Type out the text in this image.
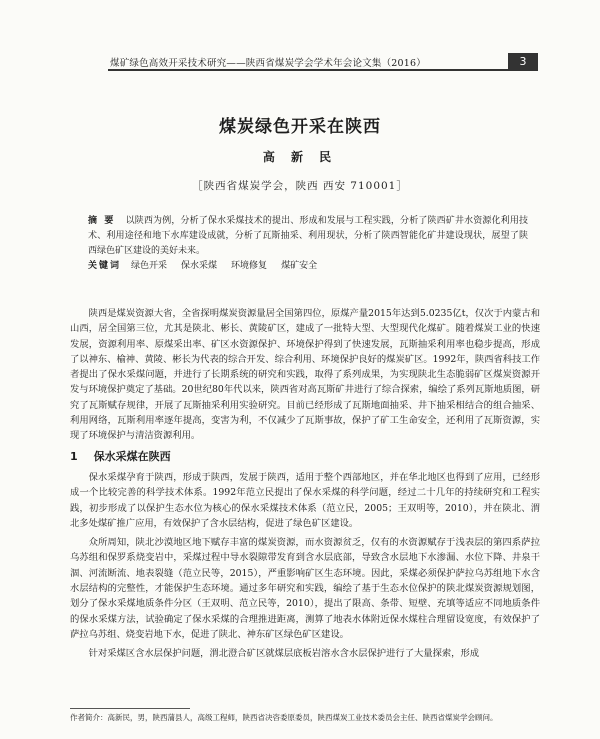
煤矿绿色高效开采技术研究——陕西省煤炭学会学术年会论文集（2016）	3
煤炭绿色开采在陕西
高 新 民
［陕西省煤炭学会，陕西 西安 710001］
摘 要 以陕西为例，分析了保水采煤技术的提出、形成和发展与工程实践，分析了陕西矿井水资源化利用技术、利用途径和地下水库建设成就，分析了瓦斯抽采、利用现状，分析了陕西智能化矿井建设现状，展望了陕西绿色矿区建设的美好未来。
关键词 绿色开采 保水采煤 环境修复 煤矿安全

陕西是煤炭资源大省，全省探明煤炭资源量居全国第四位，原煤产量2015年达到5.0235亿t，仅次于内蒙古和山西，居全国第三位，尤其是陕北、彬长、黄陵矿区，建成了一批特大型、大型现代化煤矿。随着煤炭工业的快速发展，资源利用率、原煤采出率、矿区水资源保护、环境保护得到了快速发展，瓦斯抽采利用率也稳步提高，形成了以神东、榆神、黄陵、彬长为代表的综合开发、综合利用、环境保护良好的煤炭矿区。1992年，陕西省科技工作者提出了保水采煤问题，并进行了长期系统的研究和实践，取得了系列成果，为实现陕北生态脆弱矿区煤炭资源开发与环境保护奠定了基础。20世纪80年代以来，陕西省对高瓦斯矿井进行了综合探索，编绘了系列瓦斯地质图，研究了瓦斯赋存规律，开展了瓦斯抽采利用实验研究。目前已经形成了瓦斯地面抽采、井下抽采相结合的组合抽采、利用网络，瓦斯利用率逐年提高，变害为利，不仅减少了瓦斯事故，保护了矿工生命安全，还利用了瓦斯资源，实现了环境保护与清洁资源利用。

1 保水采煤在陕西

保水采煤孕育于陕西，形成于陕西，发展于陕西，适用于整个西部地区，并在华北地区也得到了应用，已经形成一个比较完善的科学技术体系。1992年范立民提出了保水采煤的科学问题，经过二十几年的持续研究和工程实践，初步形成了以保护生态水位为核心的保水采煤技术体系（范立民，2005；王双明等，2010），并在陕北、渭北多处煤矿推广应用，有效保护了含水层结构，促进了绿色矿区建设。

众所周知，陕北沙漠地区地下赋存丰富的煤炭资源，而水资源贫乏，仅有的水资源赋存于浅表层的第四系萨拉乌苏组和保罗系烧变岩中，采煤过程中导水裂隙带发育到含水层底部，导致含水层地下水渗漏、水位下降、井泉干涸、河流断流、地表裂缝（范立民等，2015），严重影响矿区生态环境。因此，采煤必须保护萨拉乌苏组地下水含水层结构的完整性，才能保护生态环境。通过多年研究和实践，编绘了基于生态水位保护的陕北煤炭资源规划图，划分了保水采煤地质条件分区（王双明、范立民等，2010），提出了限高、条带、短壁、充填等适应不同地质条件的保水采煤方法，试验确定了保水采煤的合理推进距离，测算了地表水体附近保水煤柱合理留设宽度，有效保护了萨拉乌苏组、烧变岩地下水，促进了陕北、神东矿区绿色矿区建设。

针对采煤区含水层保护问题，渭北澄合矿区就煤层底板岩溶水含水层保护进行了大量探索，形成

作者简介：高新民，男，陕西蒲县人，高级工程师，陕西省决咨委原委员，陕西煤炭工业技术委员会主任、陕西省煤炭学会顾问。
